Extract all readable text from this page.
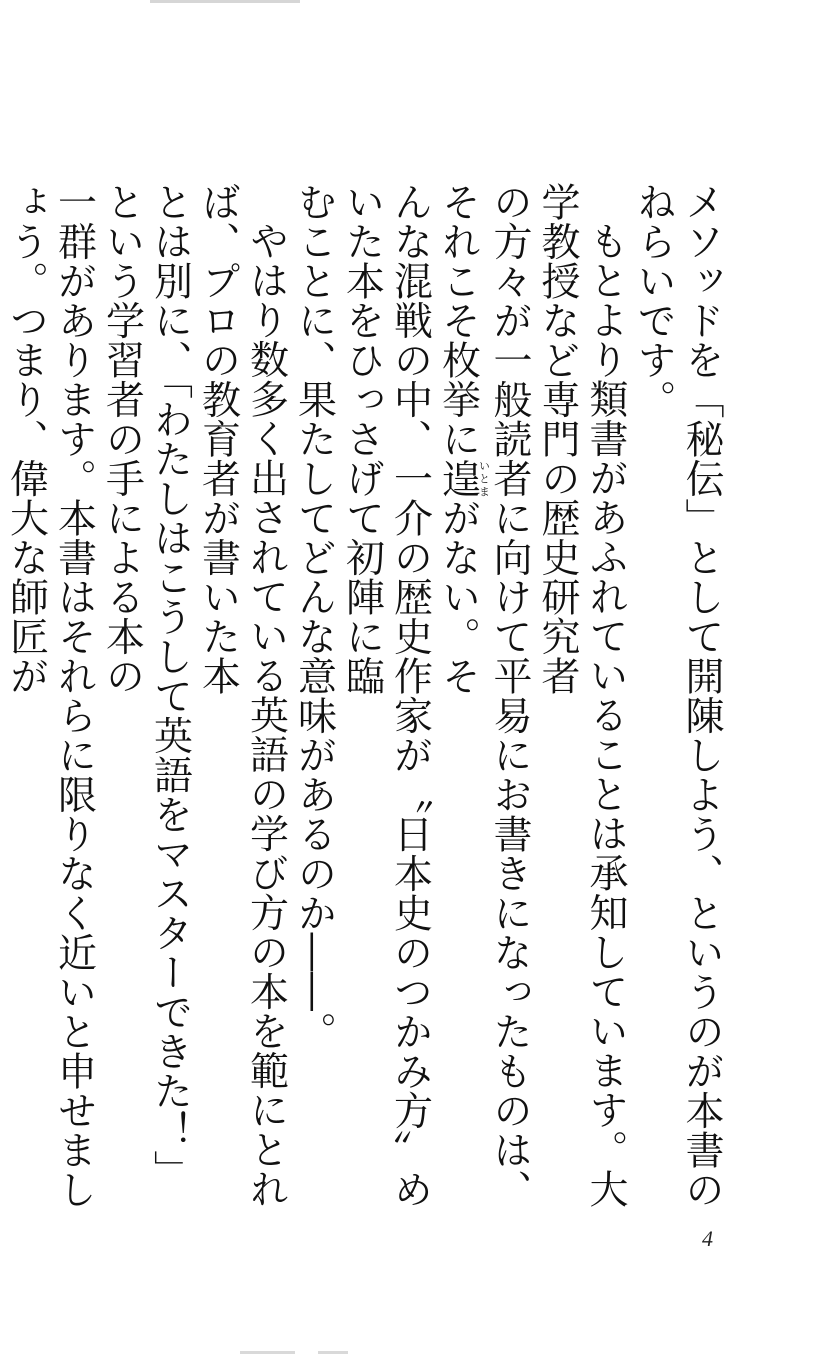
メソッドを「秘伝」として開陳しよう、というのが本書のねらいです。

もとより類書があふれていることは承知しています。大学教授など専門の歴史研究者

の方々が一般読者に向けて平易にお書きになったものは、それこそ枚挙に遑いとまがない。そ

んな混戦の中、一介の歴史作家が〝日本史のつかみ方〟めいた本をひっさげて初陣に臨

むことに、果たしてどんな意味があるのか――。

やはり数多く出されている英語の学び方の本を範にとれば、プロの教育者が書いた本

とは別に、「わたしはこうして英語をマスターできた！」という学習者の手による本の

一群があります。本書はそれらに限りなく近いと申せましょう。つまり、偉大な師匠が

4
